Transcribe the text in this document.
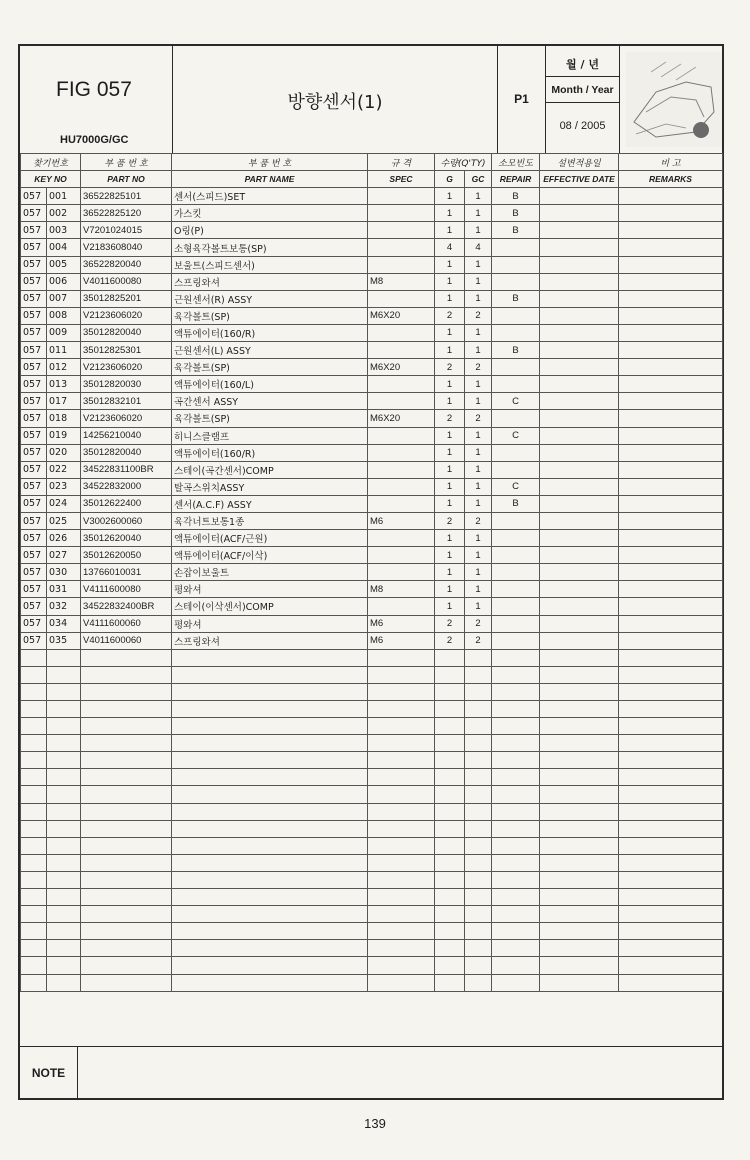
FIG 057
HU7000G/GC
방향센서(1)	P1
월 / 년
Month / Year
08 / 2005
찾기번호		부 품 번 호	부 품 번 호	규 격	수량(Q'TY)		소모빈도	설변적용일	비 고
KEY NO		PART NO	PART NAME	SPEC	G	GC	REPAIR	EFFECTIVE DATE	REMARKS
057	001	36522825101	센서(스피드)SET		1	1	B		
057	002	36522825120	가스킷		1	1	B		
057	003	V7201024015	O링(P)		1	1	B		
057	004	V2183608040	소형육각볼트보통(SP)		4	4			
057	005	36522820040	보울트(스피드센서)		1	1			
057	006	V4011600080	스프링와셔	M8	1	1			
057	007	35012825201	근원센서(R) ASSY		1	1	B		
057	008	V2123606020	육각볼트(SP)	M6X20	2	2			
057	009	35012820040	액튜에이터(160/R)		1	1			
057	011	35012825301	근원센서(L) ASSY		1	1	B		
057	012	V2123606020	육각볼트(SP)	M6X20	2	2			
057	013	35012820030	액튜에이터(160/L)		1	1			
057	017	35012832101	곡간센서 ASSY		1	1	C		
057	018	V2123606020	육각볼트(SP)	M6X20	2	2			
057	019	14256210040	히니스클램프		1	1	C		
057	020	35012820040	액튜에이터(160/R)		1	1			
057	022	34522831100BR	스테이(곡간센서)COMP		1	1			
057	023	34522832000	탈곡스위치ASSY		1	1	C		
057	024	35012622400	센서(A.C.F) ASSY		1	1	B		
057	025	V3002600060	육각너트보통1종	M6	2	2			
057	026	35012620040	액튜에이터(ACF/근원)		1	1			
057	027	35012620050	액튜에이터(ACF/이삭)		1	1			
057	030	13766010031	손잡이보울트		1	1			
057	031	V4111600080	평와셔	M8	1	1			
057	032	34522832400BR	스테이(이삭센서)COMP		1	1			
057	034	V4111600060	평와셔	M6	2	2			
057	035	V4011600060	스프링와셔	M6	2	2			

NOTE
139
